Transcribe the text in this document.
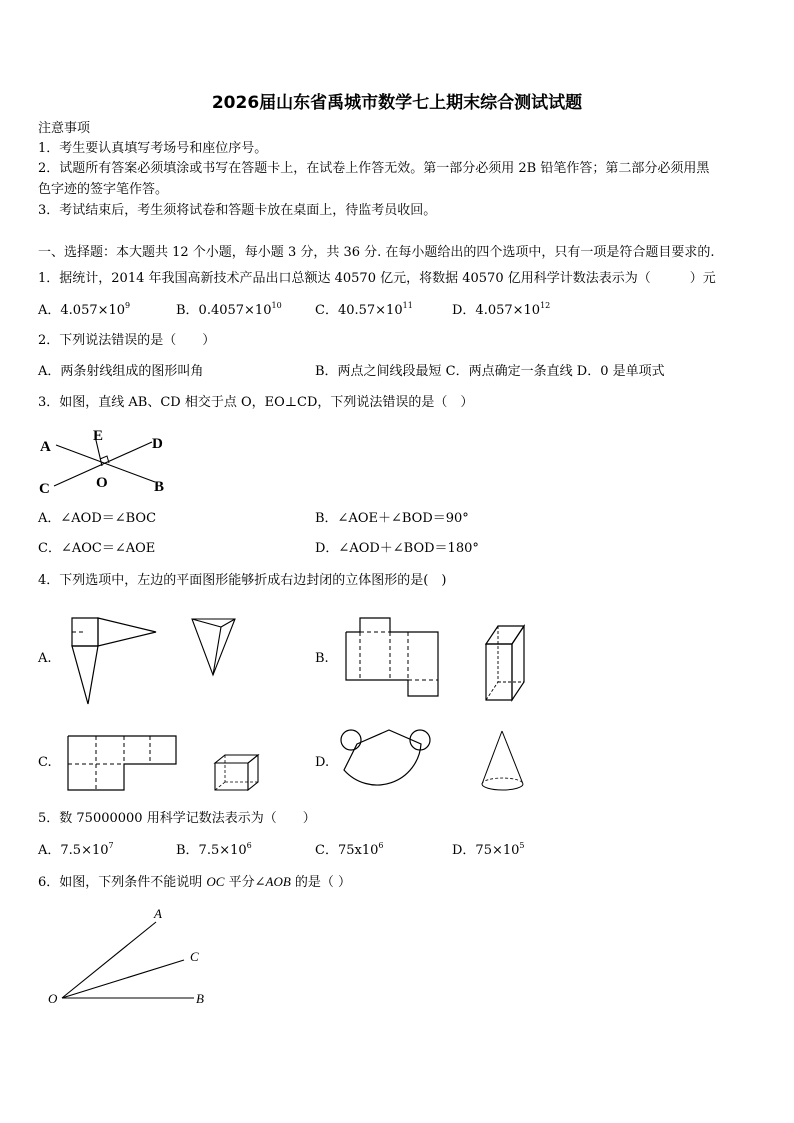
2026届山东省禹城市数学七上期末综合测试试题
注意事项
1．考生要认真填写考场号和座位序号。
2．试题所有答案必须填涂或书写在答题卡上，在试卷上作答无效。第一部分必须用 2B 铅笔作答；第二部分必须用黑
色字迹的签字笔作答。
3．考试结束后，考生须将试卷和答题卡放在桌面上，待监考员收回。
一、选择题：本大题共 12 个小题，每小题 3 分，共 36 分. 在每小题给出的四个选项中，只有一项是符合题目要求的.
1．据统计，2014 年我国高新技术产品出口总额达 40570 亿元，将数据 40570 亿用科学计数法表示为（　　　）元
A．$4.057\times 10^9$	B．$0.4057\times 10^{10}$	C．$40.57\times 10^{11}$	D．$4.057\times 10^{12}$
2．下列说法错误的是（　　）
A．两条射线组成的图形叫角	B．两点之间线段最短 C．两点确定一条直线 D．0 是单项式
3．如图，直线 AB、CD 相交于点 O，EO⊥CD，下列说法错误的是（　）
A
E	D
C	O	B
A．∠AOD＝∠BOC	B．∠AOE＋∠BOD＝90°
C．∠AOC＝∠AOE	D．∠AOD＋∠BOD＝180°
4．下列选项中，左边的平面图形能够折成右边封闭的立体图形的是(　)
A.	B.
C.	D.
5．数 75000000 用科学记数法表示为（　　）
A．$7.5\times 10^7$	B．$7.5\times 10^6$	C．$75x10^6$	D．$75\times 10^5$
6．如图，下列条件不能说明 OC 平分∠AOB 的是（ ）
A
C
O	B
